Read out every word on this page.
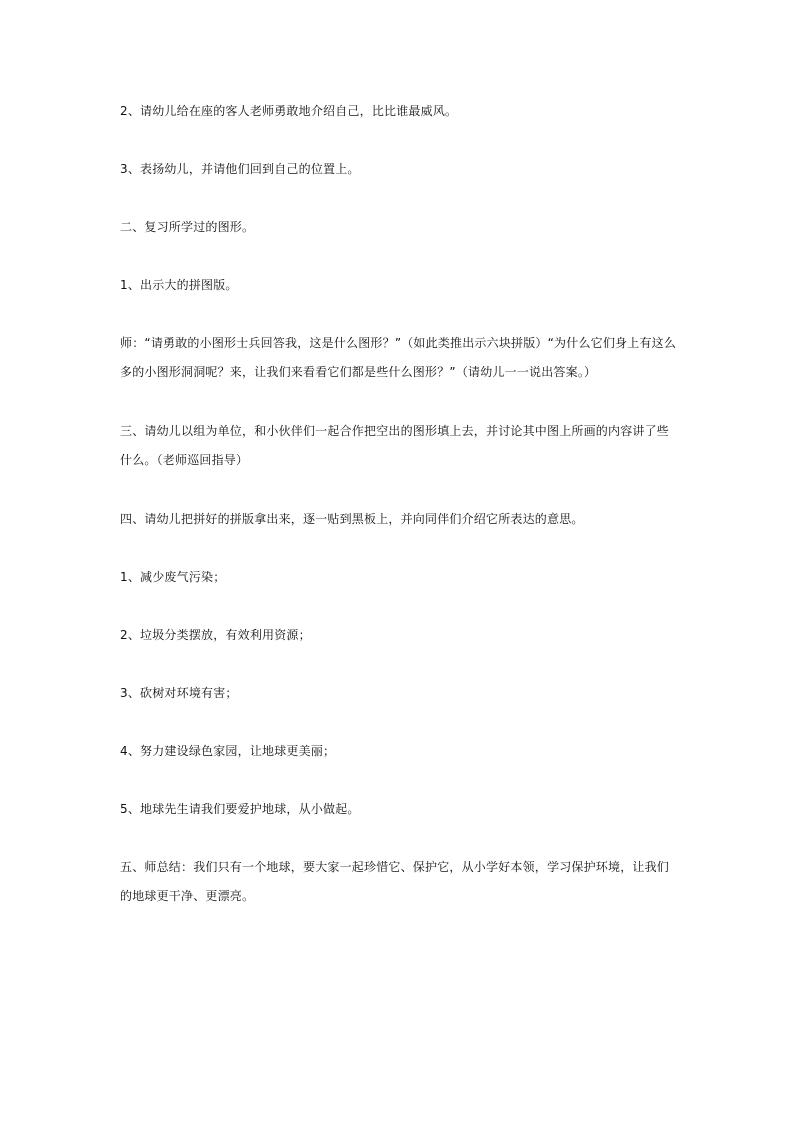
2、请幼儿给在座的客人老师勇敢地介绍自己，比比谁最威风。
3、表扬幼儿，并请他们回到自己的位置上。
二、复习所学过的图形。
1、出示大的拼图版。
师：“请勇敢的小图形士兵回答我，这是什么图形？”（如此类推出示六块拼版）“为什么它们身上有这么多的小图形洞洞呢？来，让我们来看看它们都是些什么图形？”（请幼儿一一说出答案。）
三、请幼儿以组为单位，和小伙伴们一起合作把空出的图形填上去，并讨论其中图上所画的内容讲了些什么。（老师巡回指导）
四、请幼儿把拼好的拼版拿出来，逐一贴到黑板上，并向同伴们介绍它所表达的意思。
1、减少废气污染；
2、垃圾分类摆放，有效利用资源；
3、砍树对环境有害；
4、努力建设绿色家园，让地球更美丽；
5、地球先生请我们要爱护地球，从小做起。
五、师总结：我们只有一个地球，要大家一起珍惜它、保护它，从小学好本领，学习保护环境，让我们的地球更干净、更漂亮。
